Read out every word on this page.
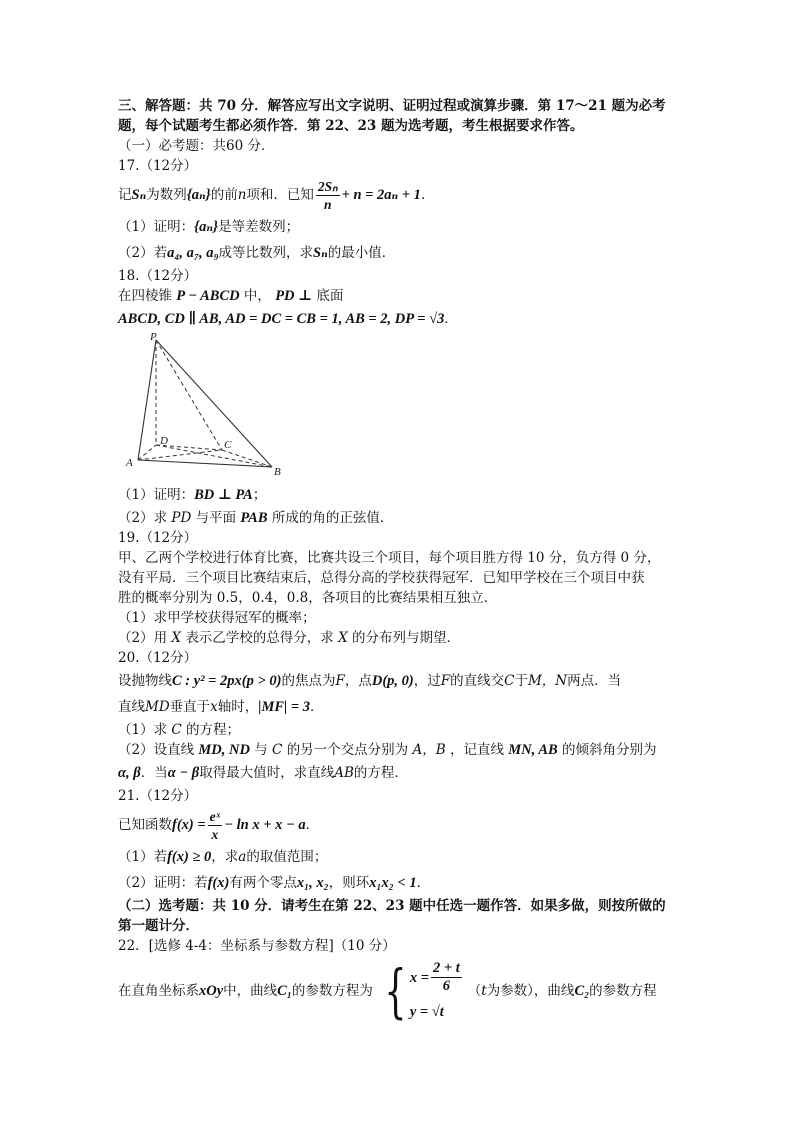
三、解答题：共 70 分．解答应写出文字说明、证明过程或演算步骤．第 17～21 题为必考
题，每个试题考生都必须作答．第 22、23 题为选考题，考生根据要求作答。
（一）必考题：共60 分．
17.（12分）
记 Sₙ 为数列 {aₙ} 的前 n 项和．已知 $\frac{\text{2Sₙ}}{n} + n = 2a_n + 1$ ．
（1）证明： {aₙ} 是等差数列；
（2）若 a₄, a₇, a₉ 成等比数列，求 Sₙ 的最小值．
18.（12分）
在四棱锥 P − ABCD 中， PD ⊥ 底面
ABCD, CD ∥ AB, AD = DC = CB = 1, AB = 2, DP = √3 ．
P
A
B
C
D
（1）证明： BD ⊥ PA ；
（2）求 PD 与平面 PAB 所成的角的正弦值．
19.（12分）
甲、乙两个学校进行体育比赛，比赛共设三个项目，每个项目胜方得 10 分，负方得 0 分，
没有平局．三个项目比赛结束后，总得分高的学校获得冠军．已知甲学校在三个项目中获
胜的概率分别为 0.5，0.4，0.8，各项目的比赛结果相互独立．
（1）求甲学校获得冠军的概率；
（2）用 X 表示乙学校的总得分，求 X 的分布列与期望．
20.（12分）
设抛物线 C : y² = 2px(p > 0) 的焦点为 F ，点 D(p, 0) ，过 F 的直线交 C 于 M，N 两点．当
直线 MD 垂直于 x 轴时， |MF| = 3 ．
（1）求 C 的方程；
（2）设直线 MD, ND 与 C 的另一个交点分别为 A，B ，记直线 MN, AB 的倾斜角分别为
α, β ．当 α − β 取得最大值时，求直线 AB 的方程．
21.（12分）
已知函数 $f(x) = \frac{\text{eˣ}}{x} - \ln x + x - a$ ．
（1）若 f(x) ≥ 0 ，求 a 的取值范围；
（2）证明：若 f(x) 有两个零点 x₁, x₂ ，则环 x₁x₂ < 1 ．
（二）选考题：共 10 分．请考生在第 22、23 题中任选一题作答．如果多做，则按所做的
第一题计分．
22．[选修 4-4：坐标系与参数方程]（10 分）
在直角坐标系 xOy 中，曲线 C₁ 的参数方程为 { $x = \frac{2 + t}{6}$
y = √t
（ t 为参数），曲线 C₂ 的参数方程
